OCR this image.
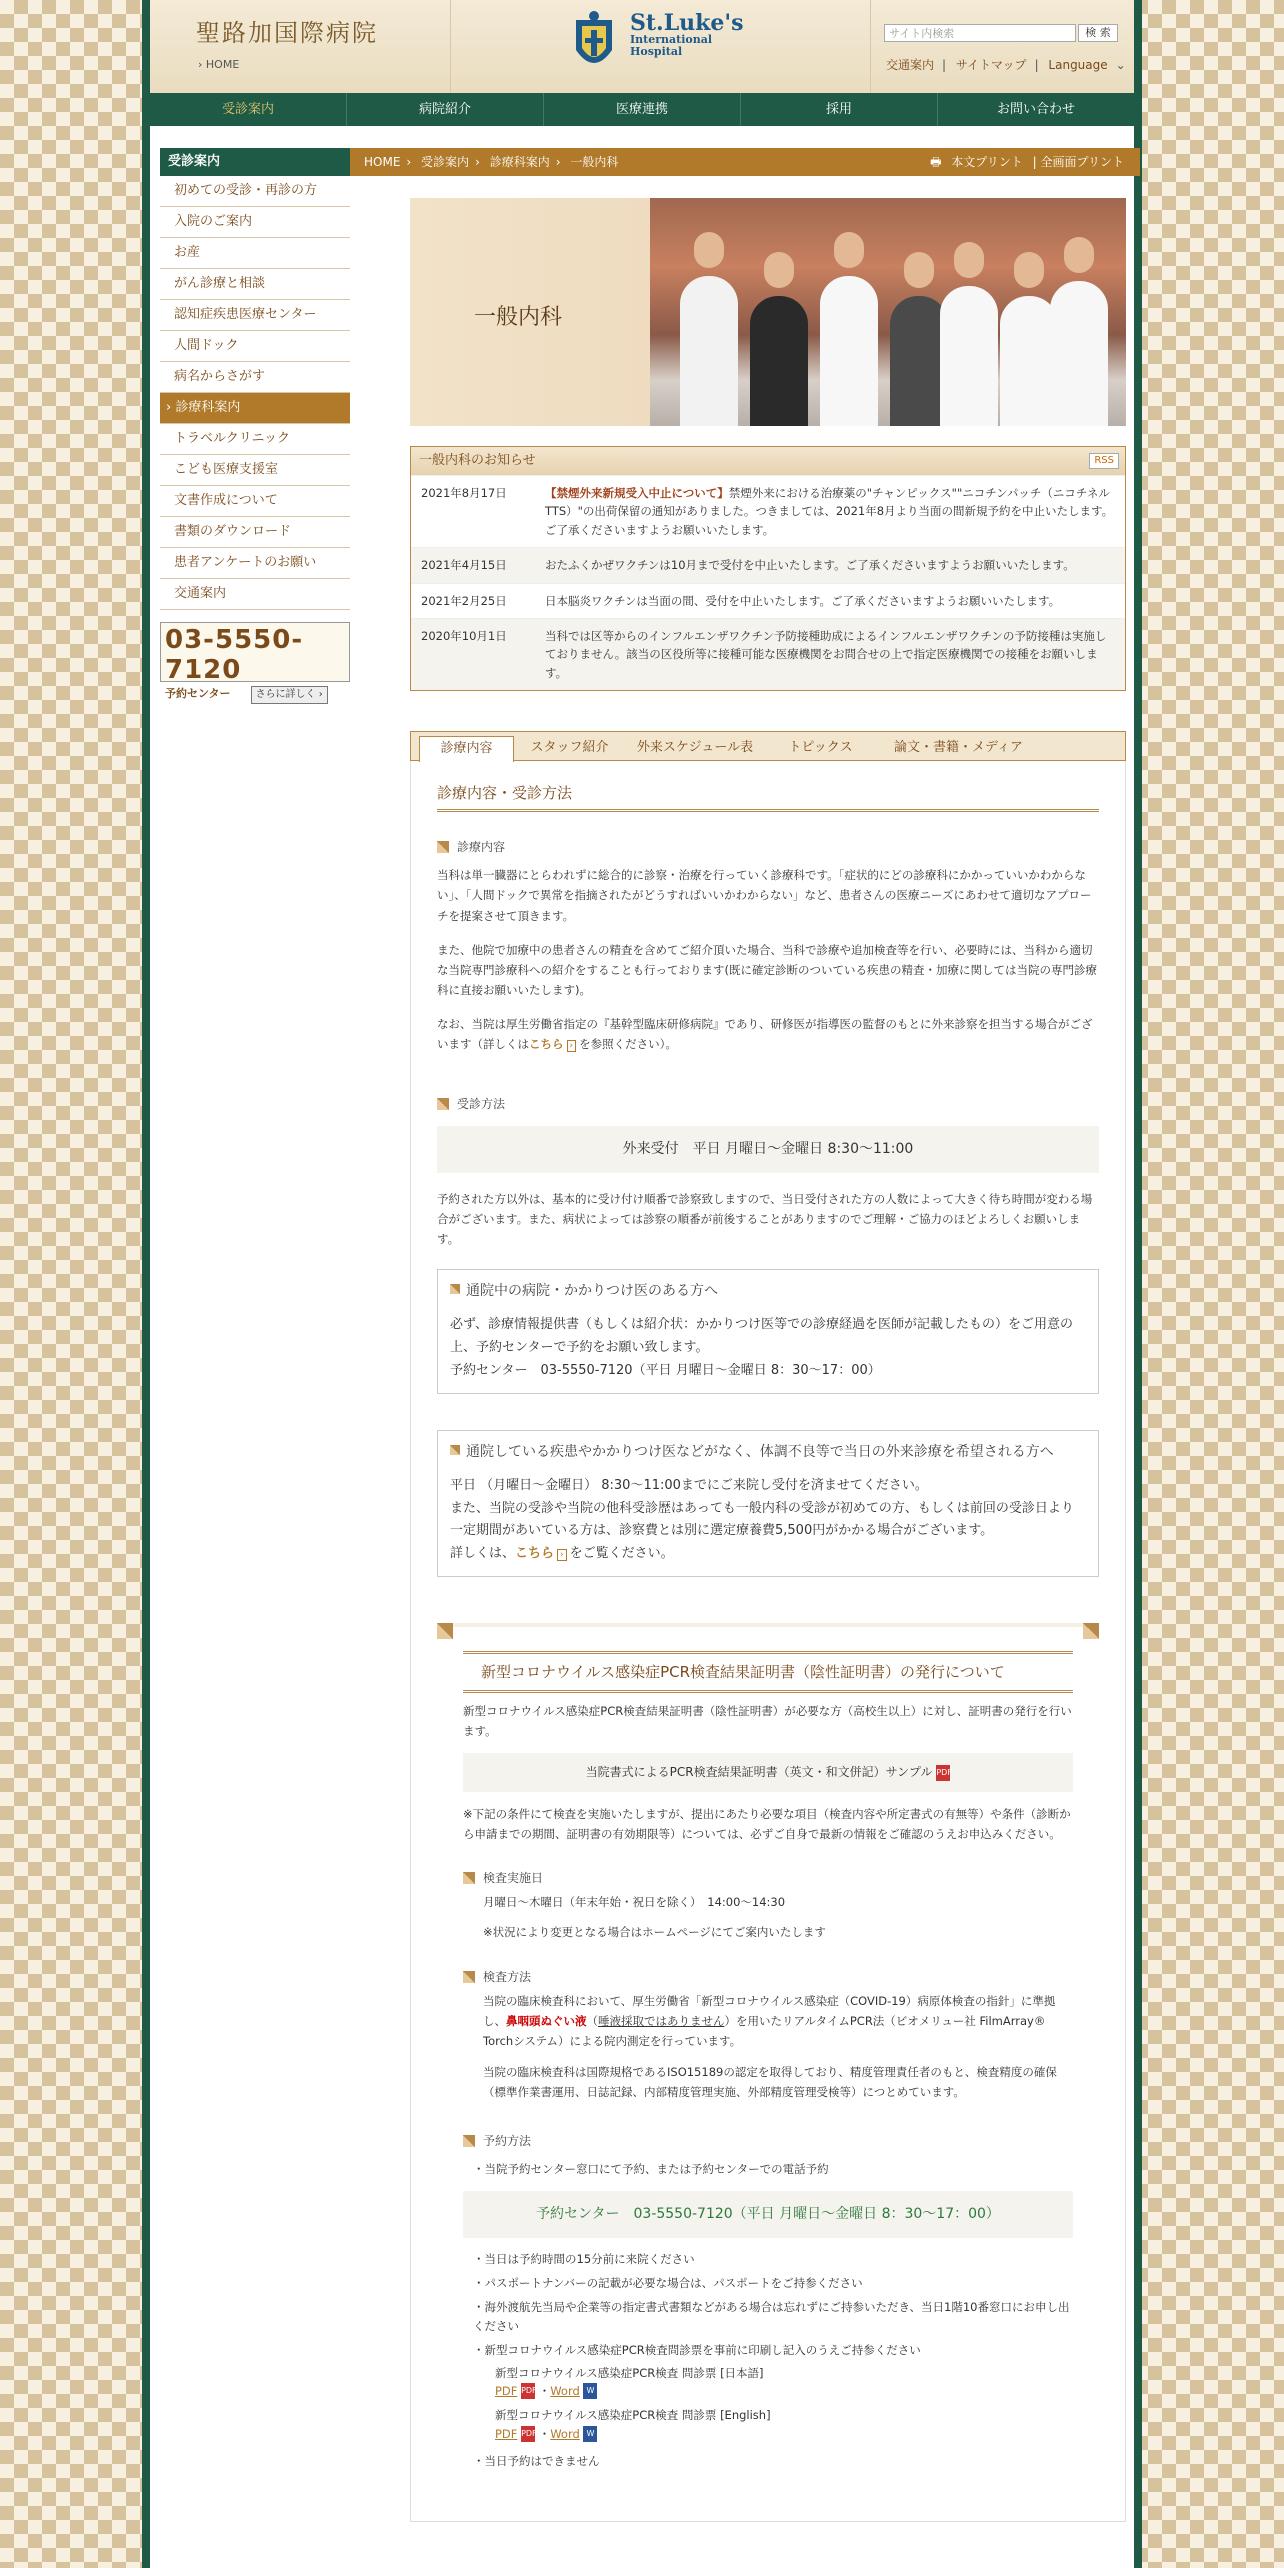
聖路加国際病院
› HOME
St.Luke's
International
Hospital
サイト内検索	検 索
交通案内 | サイトマップ | Language ⌄
受診案内	病院紹介	医療連携	採用	お問い合わせ
受診案内
初めての受診・再診の方
入院のご案内
お産
がん診療と相談
認知症疾患医療センター
人間ドック
病名からさがす
› 診療科案内
トラベルクリニック
こども医療支援室
文書作成について
書類のダウンロード
患者アンケートのお願い
交通案内
03-5550-7120
予約センター	さらに詳しく ›
HOME › 受診案内 › 診療科案内 › 一般内科	🖶 本文プリント | 全画面プリント
一般内科
一般内科のお知らせ	RSS
2021年8月17日	【禁煙外来新規受入中止について】禁煙外来における治療薬の"チャンピックス""ニコチンパッチ（ニコチネルTTS）"の出荷保留の通知がありました。つきましては、2021年8月より当面の間新規予約を中止いたします。ご了承くださいますようお願いいたします。
2021年4月15日	おたふくかぜワクチンは10月まで受付を中止いたします。ご了承くださいますようお願いいたします。
2021年2月25日	日本脳炎ワクチンは当面の間、受付を中止いたします。ご了承くださいますようお願いいたします。
2020年10月1日	当科では区等からのインフルエンザワクチン予防接種助成によるインフルエンザワクチンの予防接種は実施しておりません。該当の区役所等に接種可能な医療機関をお問合せの上で指定医療機関での接種をお願いします。
診療内容	スタッフ紹介	外来スケジュール表	トピックス	論文・書籍・メディア
診療内容・受診方法
診療内容

当科は単一臓器にとらわれずに総合的に診察・治療を行っていく診療科です。「症状的にどの診療科にかかっていいかわからない」、「人間ドックで異常を指摘されたがどうすればいいかわからない」など、患者さんの医療ニーズにあわせて適切なアプローチを提案させて頂きます。

また、他院で加療中の患者さんの精査を含めてご紹介頂いた場合、当科で診療や追加検査等を行い、必要時には、当科から適切な当院専門診療科への紹介をすることも行っております(既に確定診断のついている疾患の精査・加療に関しては当院の専門診療科に直接お願いいたします)。

なお、当院は厚生労働省指定の『基幹型臨床研修病院』であり、研修医が指導医の監督のもとに外来診察を担当する場合がございます（詳しくはこちら › を参照ください）。

受診方法
外来受付　平日 月曜日〜金曜日 8:30〜11:00

予約された方以外は、基本的に受け付け順番で診察致しますので、当日受付された方の人数によって大きく待ち時間が変わる場合がございます。また、病状によっては診察の順番が前後することがありますのでご理解・ご協力のほどよろしくお願いします。

通院中の病院・かかりつけ医のある方へ
必ず、診療情報提供書（もしくは紹介状：かかりつけ医等での診療経過を医師が記載したもの）をご用意の上、予約センターで予約をお願い致します。
予約センター　03-5550-7120（平日 月曜日〜金曜日 8：30〜17：00）
通院している疾患やかかりつけ医などがなく、体調不良等で当日の外来診療を希望される方へ
平日 （月曜日〜金曜日） 8:30〜11:00までにご来院し受付を済ませてください。
また、当院の受診や当院の他科受診歴はあっても一般内科の受診が初めての方、もしくは前回の受診日より一定期間があいている方は、診察費とは別に選定療養費5,500円がかかる場合がございます。
詳しくは、こちら › をご覧ください。
新型コロナウイルス感染症PCR検査結果証明書（陰性証明書）の発行について

新型コロナウイルス感染症PCR検査結果証明書（陰性証明書）が必要な方（高校生以上）に対し、証明書の発行を行います。

当院書式によるPCR検査結果証明書（英文・和文併記）サンプル PDF

※下記の条件にて検査を実施いたしますが、提出にあたり必要な項目（検査内容や所定書式の有無等）や条件（診断から申請までの期間、証明書の有効期限等）については、必ずご自身で最新の情報をご確認のうえお申込みください。

検査実施日

月曜日～木曜日（年末年始・祝日を除く）　14:00～14:30

※状況により変更となる場合はホームページにてご案内いたします

検査方法

当院の臨床検査科において、厚生労働省「新型コロナウイルス感染症（COVID-19）病原体検査の指針」に準拠し、鼻咽頭ぬぐい液（唾液採取ではありません）を用いたリアルタイムPCR法（ビオメリュー社 FilmArray® Torchシステム）による院内測定を行っています。

当院の臨床検査科は国際規格であるISO15189の認定を取得しており、精度管理責任者のもと、検査精度の確保（標準作業書運用、日誌記録、内部精度管理実施、外部精度管理受検等）につとめています。

予約方法

・当院予約センター窓口にて予約、または予約センターでの電話予約

予約センター　03-5550-7120（平日 月曜日〜金曜日 8：30〜17：00）
・当日は予約時間の15分前に来院ください
・パスポートナンバーの記載が必要な場合は、パスポートをご持参ください
・海外渡航先当局や企業等の指定書式書類などがある場合は忘れずにご持参いただき、当日1階10番窓口にお申し出ください
・新型コロナウイルス感染症PCR検査問診票を事前に印刷し記入のうえご持参ください
新型コロナウイルス感染症PCR検査 問診票 [日本語]
PDF PDF ・Word W
新型コロナウイルス感染症PCR検査 問診票 [English]
PDF PDF ・Word W

・当日予約はできません
